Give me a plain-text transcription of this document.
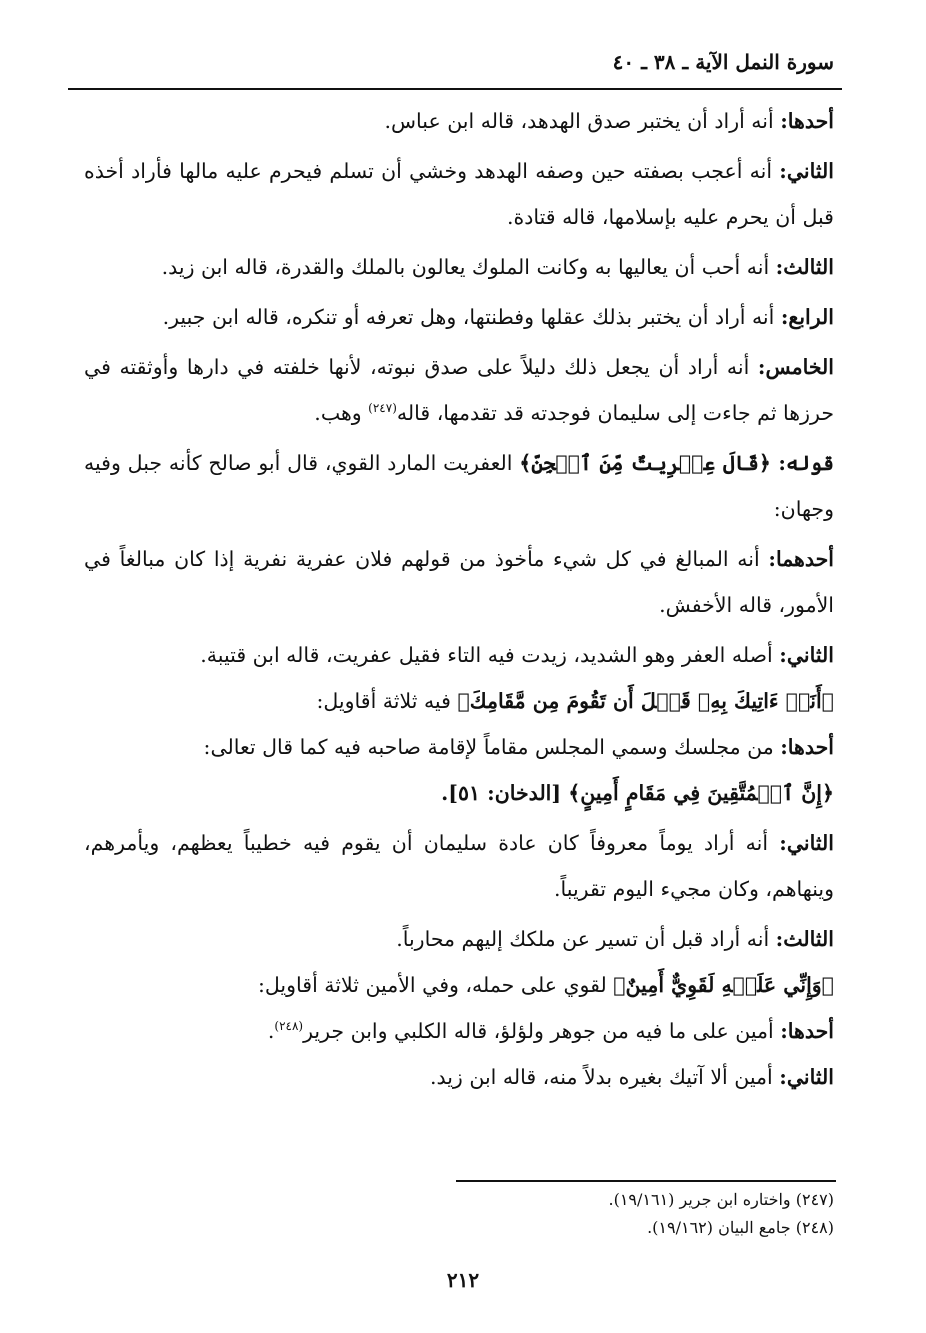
سورة النمل الآية ـ ٣٨ ـ ٤٠

أحدها: أنه أراد أن يختبر صدق الهدهد، قاله ابن عباس.

الثاني: أنه أعجب بصفته حين وصفه الهدهد وخشي أن تسلم فيحرم عليه مالها فأراد أخذه قبل أن يحرم عليه بإسلامها، قاله قتادة.

الثالث: أنه أحب أن يعاليها به وكانت الملوك يعالون بالملك والقدرة، قاله ابن زيد.

الرابع: أنه أراد أن يختبر بذلك عقلها وفطنتها، وهل تعرفه أو تنكره، قاله ابن جبير.

الخامس: أنه أراد أن يجعل ذلك دليلاً على صدق نبوته، لأنها خلفته في دارها وأوثقته في حرزها ثم جاءت إلى سليمان فوجدته قد تقدمها، قاله$^{(٢٤٧)}$ وهب.

قوله: ﴿قَالَ عِفۡرِيتٌ مِّنَ ٱلۡجِنِّ﴾ العفريت المارد القوي، قال أبو صالح كأنه جبل وفيه وجهان:

أحدهما: أنه المبالغ في كل شيء مأخوذ من قولهم فلان عفرية نفرية إذا كان مبالغاً في الأمور، قاله الأخفش.

الثاني: أصله العفر وهو الشديد، زيدت فيه التاء فقيل عفريت، قاله ابن قتيبة.

﴿أَنَا۠ ءَاتِيكَ بِهِۦ قَبۡلَ أَن تَقُومَ مِن مَّقَامِكَ﴾ فيه ثلاثة أقاويل:

أحدها: من مجلسك وسمي المجلس مقاماً لإقامة صاحبه فيه كما قال تعالى:

﴿إِنَّ ٱلۡمُتَّقِينَ فِي مَقَامٍ أَمِينٍ﴾ [الدخان: ٥١].

الثاني: أنه أراد يوماً معروفاً كان عادة سليمان أن يقوم فيه خطيباً يعظهم، ويأمرهم، وينهاهم، وكان مجيء اليوم تقريباً.

الثالث: أنه أراد قبل أن تسير عن ملكك إليهم محارباً.

﴿وَإِنِّي عَلَيۡهِ لَقَوِيٌّ أَمِينٌ﴾ لقوي على حمله، وفي الأمين ثلاثة أقاويل:

أحدها: أمين على ما فيه من جوهر ولؤلؤ، قاله الكلبي وابن جرير$^{(٢٤٨)}$.

الثاني: أمين ألا آتيك بغيره بدلاً منه، قاله ابن زيد.

(٢٤٧) واختاره ابن جرير (١٩/١٦١).

(٢٤٨) جامع البيان (١٩/١٦٢).

٢١٢
